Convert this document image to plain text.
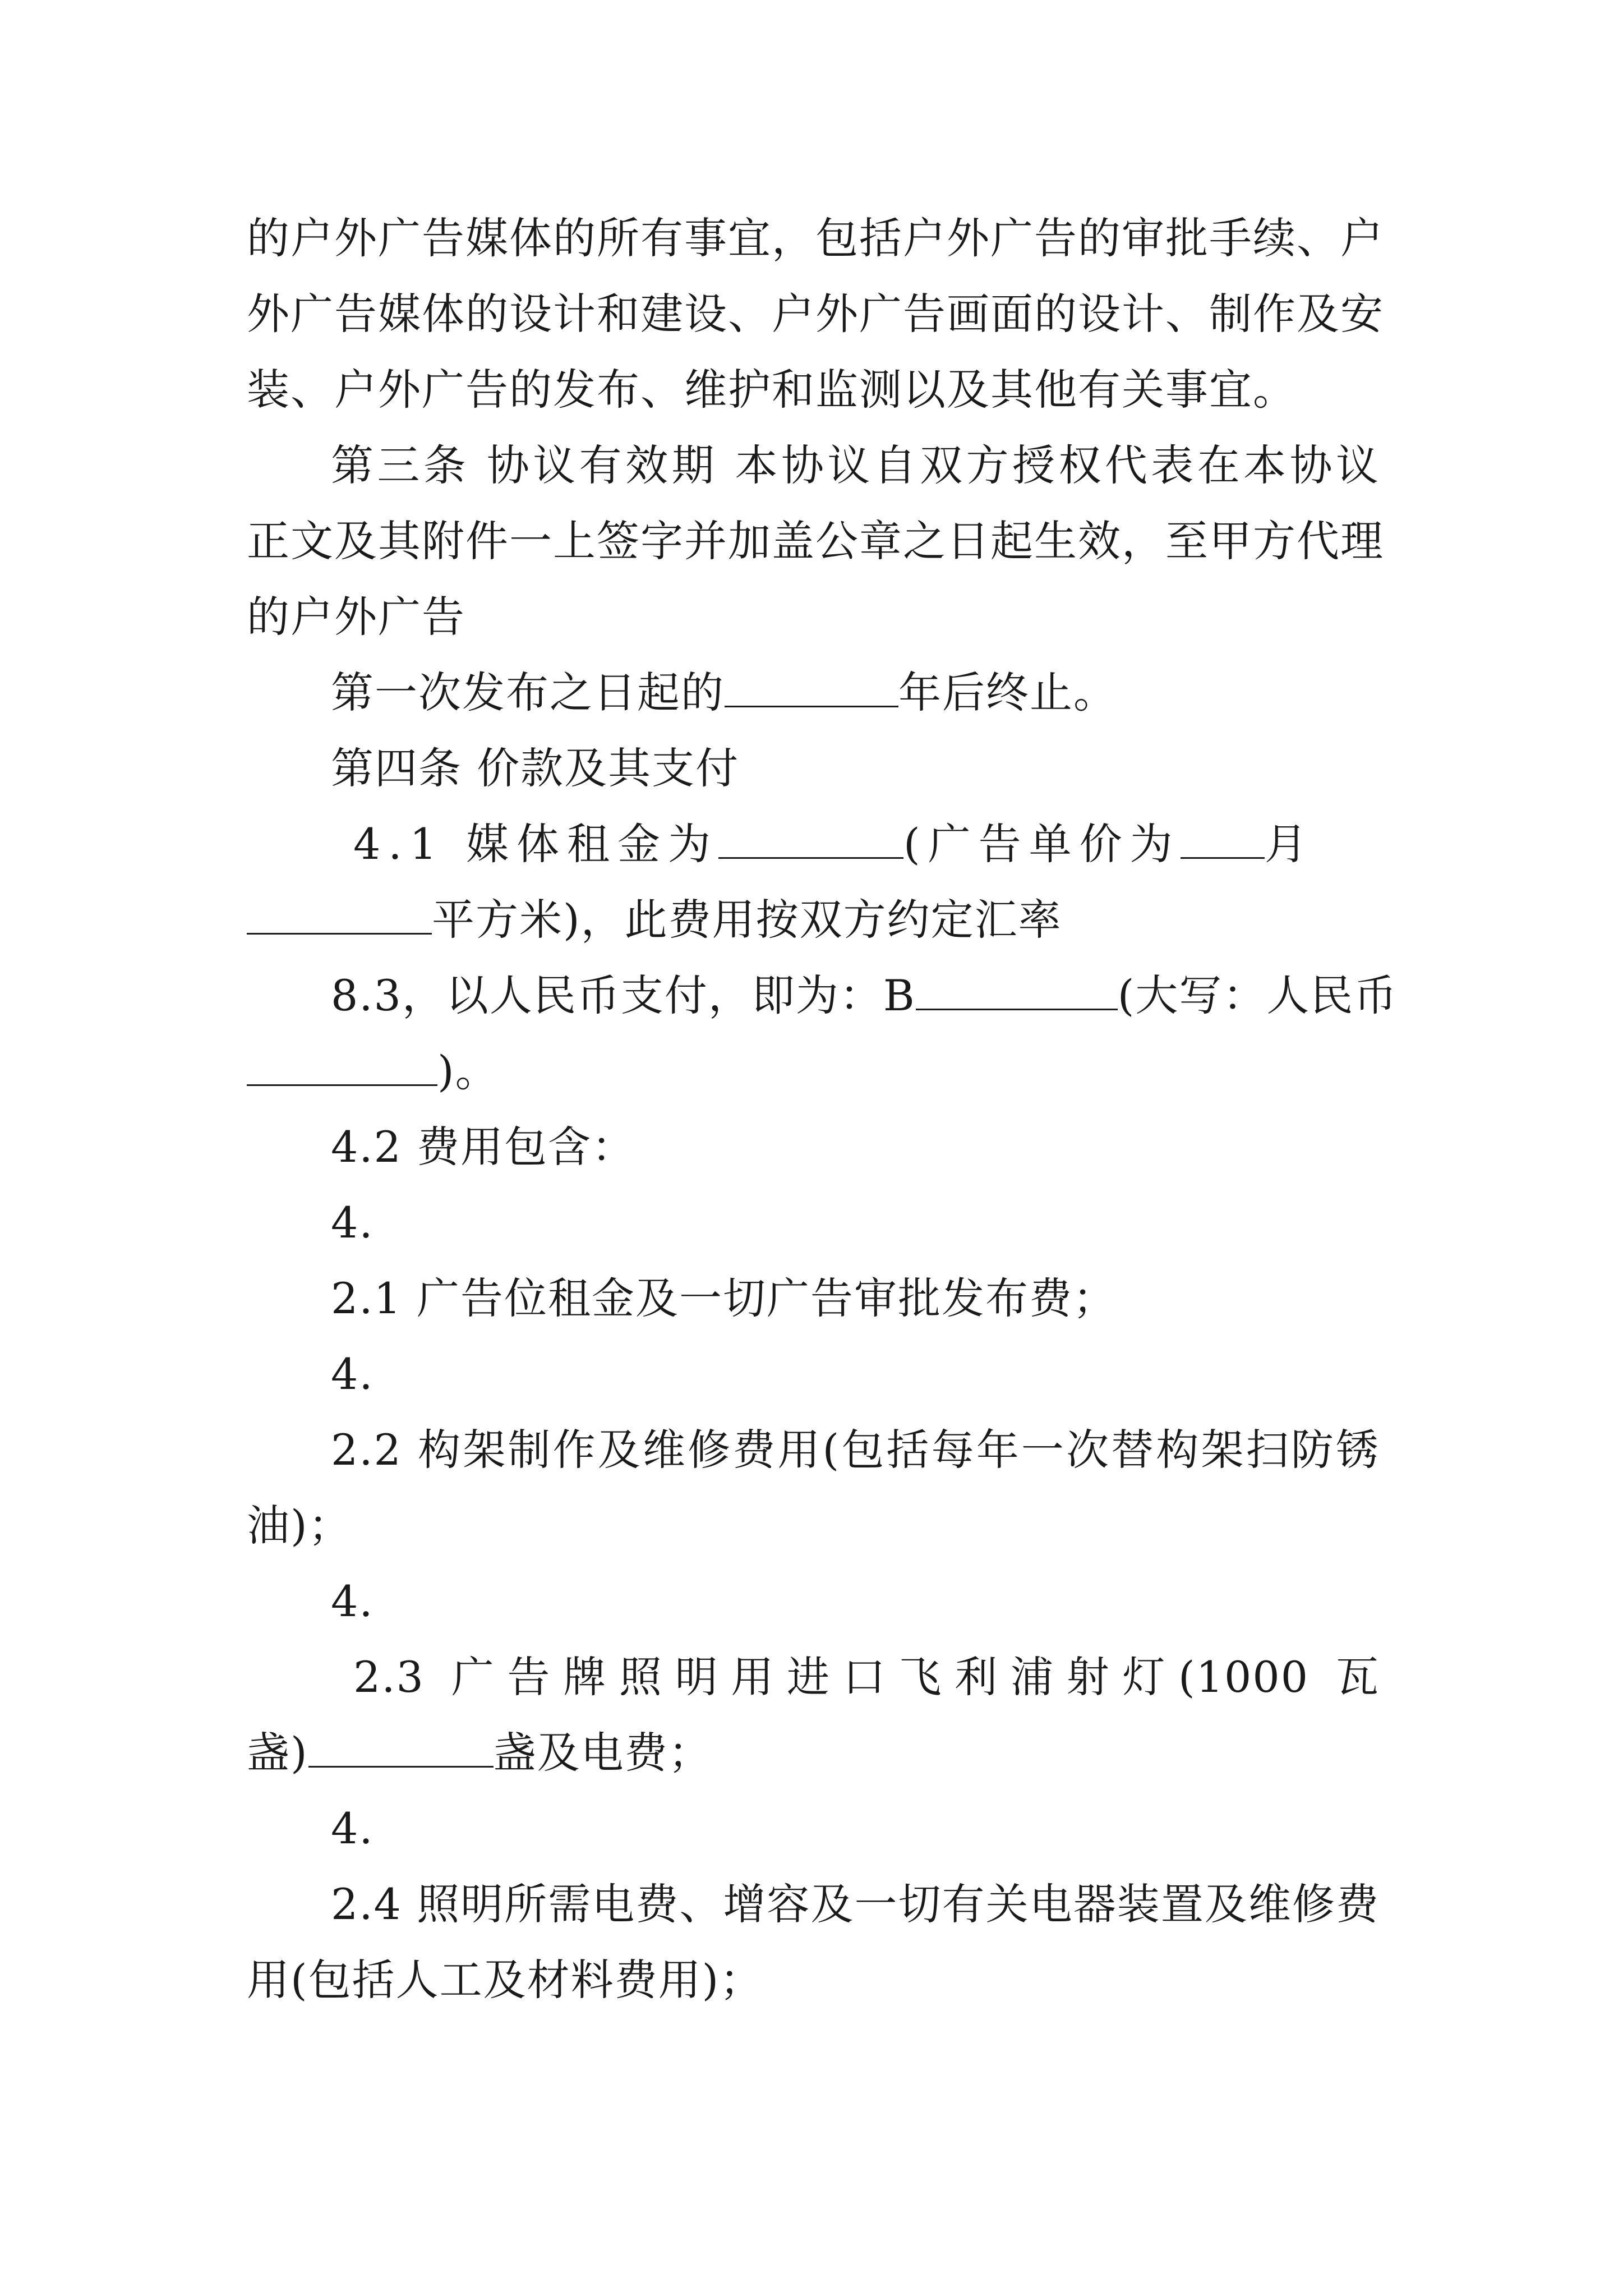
的户外广告媒体的所有事宜，包括户外广告的审批手续、户
外广告媒体的设计和建设、户外广告画面的设计、制作及安
装、户外广告的发布、维护和监测以及其他有关事宜。
第三条 协议有效期 本协议自双方授权代表在本协议
正文及其附件一上签字并加盖公章之日起生效，至甲方代理
的户外广告
第一次发布之日起的	年后终止。
第四条 价款及其支付
4.1 媒体租金为	(广告单价为 月
平方米)，此费用按双方约定汇率
8.3，以人民币支付，即为：B	(大写：人民币
)。
4.2 费用包含：
4.
2.1 广告位租金及一切广告审批发布费；
4.
2.2 构架制作及维修费用(包括每年一次替构架扫防锈
油)；
4.
2.3 广告牌照明用进口飞利浦射灯(1000 瓦
盏)	盏及电费；
4.
2.4 照明所需电费、增容及一切有关电器装置及维修费
用(包括人工及材料费用)；
